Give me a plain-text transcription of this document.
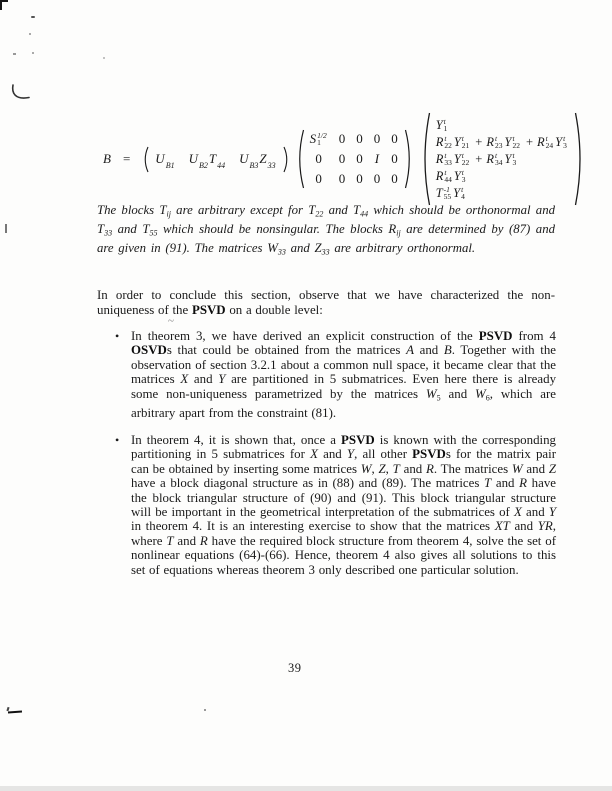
~
B = U B1 U B2 T 44 U B3 Z 33
S 1/2
1 0 0 0 0
0 0 0 I 0
0 0 0 0 0
Y t
1
R t
22 Y t
21 + R t
23 Y t
22 + R t
24 Y t
3
R t
33 Y t
22 + R t
34 Y t
3
R t
44 Y t
3
T -1
55 Y t
4

The blocks Tij are arbitrary except for T22 and T44 which should be orthonormal and T33 and T55 which should be nonsingular. The blocks Rij are determined by (87) and are given in (91). The matrices W33 and Z33 are arbitrary orthonormal.

In order to conclude this section, observe that we have characterized the non-uniqueness of the PSVD on a double level:

• In theorem 3, we have derived an explicit construction of the PSVD from 4 OSVDs that could be obtained from the matrices A and B. Together with the observation of section 3.2.1 about a common null space, it became clear that the matrices X and Y are partitioned in 5 submatrices. Even here there is already some non-uniqueness parametrized by the matrices W5 and W6, which are arbitrary apart from the constraint (81).

• In theorem 4, it is shown that, once a PSVD is known with the corresponding partitioning in 5 submatrices for X and Y, all other PSVDs for the matrix pair can be obtained by inserting some matrices W, Z, T and R. The matrices W and Z have a block diagonal structure as in (88) and (89). The matrices T and R have the block triangular structure of (90) and (91). This block triangular structure will be important in the geometrical interpretation of the submatrices of X and Y in theorem 4. It is an interesting exercise to show that the matrices XT and YR, where T and R have the required block structure from theorem 4, solve the set of nonlinear equations (64)-(66). Hence, theorem 4 also gives all solutions to this set of equations whereas theorem 3 only described one particular solution.

39
